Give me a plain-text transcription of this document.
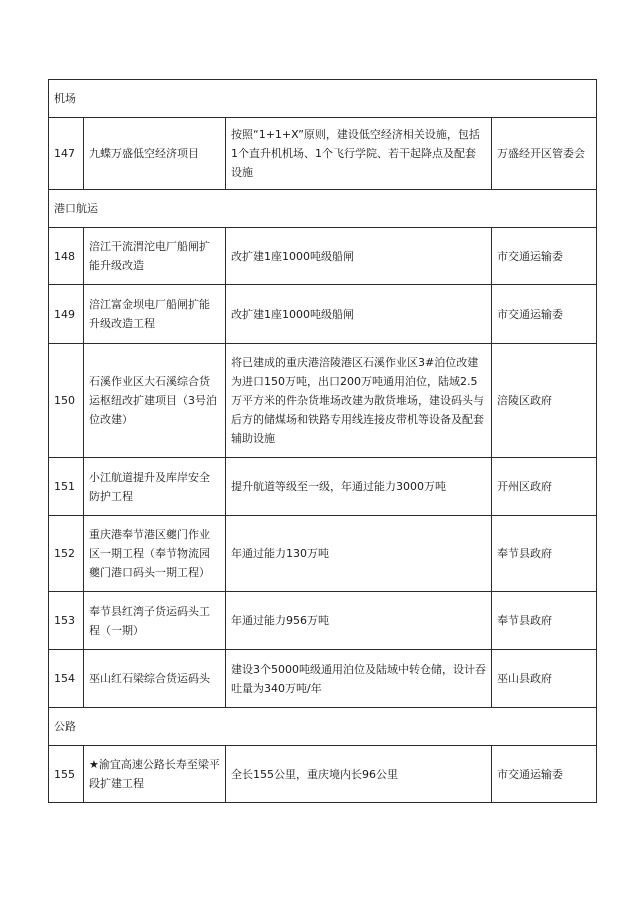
机场			
147	九蝶万盛低空经济项目	按照“1+1+X”原则，建设低空经济相关设施，包括1个直升机机场、1个飞行学院、若干起降点及配套设施	万盛经开区管委会
港口航运			
148	涪江干流渭沱电厂船闸扩能升级改造	改扩建1座1000吨级船闸	市交通运输委
149	涪江富金坝电厂船闸扩能升级改造工程	改扩建1座1000吨级船闸	市交通运输委
150	石溪作业区大石溪综合货运枢纽改扩建项目（3号泊位改建）	将已建成的重庆港涪陵港区石溪作业区3#泊位改建为进口150万吨，出口200万吨通用泊位，陆域2.5万平方米的件杂货堆场改建为散货堆场，建设码头与后方的储煤场和铁路专用线连接皮带机等设备及配套辅助设施	涪陵区政府
151	小江航道提升及库岸安全防护工程	提升航道等级至一级，年通过能力3000万吨	开州区政府
152	重庆港奉节港区夔门作业区一期工程（奉节物流园夔门港口码头一期工程）	年通过能力130万吨	奉节县政府
153	奉节县红湾子货运码头工程（一期）	年通过能力956万吨	奉节县政府
154	巫山红石梁综合货运码头	建设3个5000吨级通用泊位及陆域中转仓储，设计吞吐量为340万吨/年	巫山县政府
公路			
155	★渝宜高速公路长寿至梁平段扩建工程	全长155公里，重庆境内长96公里	市交通运输委
